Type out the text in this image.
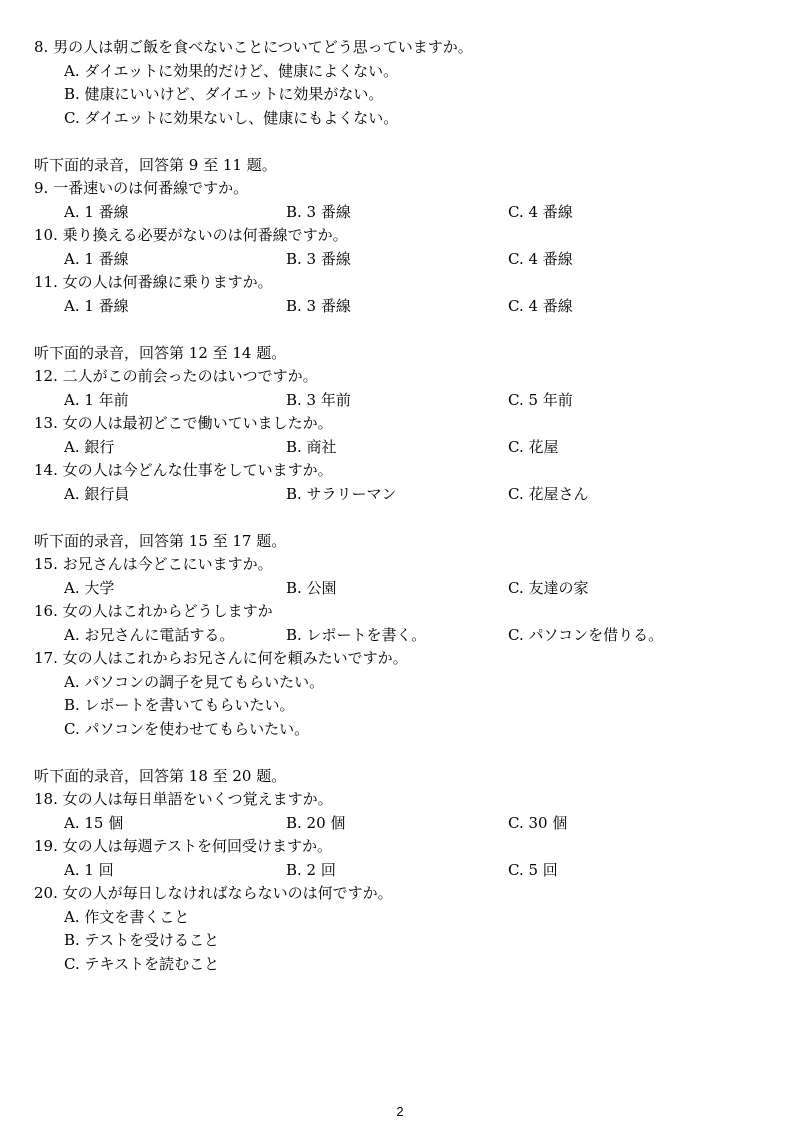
8. 男の人は朝ご飯を食べないことについてどう思っていますか。
A. ダイエットに効果的だけど、健康によくない。
B. 健康にいいけど、ダイエットに効果がない。
C. ダイエットに効果ないし、健康にもよくない。
听下面的录音，回答第 9 至 11 题。
9. 一番速いのは何番線ですか。
A. 1 番線	B. 3 番線	C. 4 番線
10. 乗り換える必要がないのは何番線ですか。
A. 1 番線	B. 3 番線	C. 4 番線
11. 女の人は何番線に乗りますか。
A. 1 番線	B. 3 番線	C. 4 番線
听下面的录音，回答第 12 至 14 题。
12. 二人がこの前会ったのはいつですか。
A. 1 年前	B. 3 年前	C. 5 年前
13. 女の人は最初どこで働いていましたか。
A. 銀行	B. 商社	C. 花屋
14. 女の人は今どんな仕事をしていますか。
A. 銀行員	B. サラリーマン	C. 花屋さん
听下面的录音，回答第 15 至 17 题。
15. お兄さんは今どこにいますか。
A. 大学	B. 公園	C. 友達の家
16. 女の人はこれからどうしますか
A. お兄さんに電話する。	B. レポートを書く。	C. パソコンを借りる。
17. 女の人はこれからお兄さんに何を頼みたいですか。
A. パソコンの調子を見てもらいたい。
B. レポートを書いてもらいたい。
C. パソコンを使わせてもらいたい。
听下面的录音，回答第 18 至 20 题。
18. 女の人は毎日単語をいくつ覚えますか。
A. 15 個	B. 20 個	C. 30 個
19. 女の人は毎週テストを何回受けますか。
A. 1 回	B. 2 回	C. 5 回
20. 女の人が毎日しなければならないのは何ですか。
A. 作文を書くこと
B. テストを受けること
C. テキストを読むこと
2
